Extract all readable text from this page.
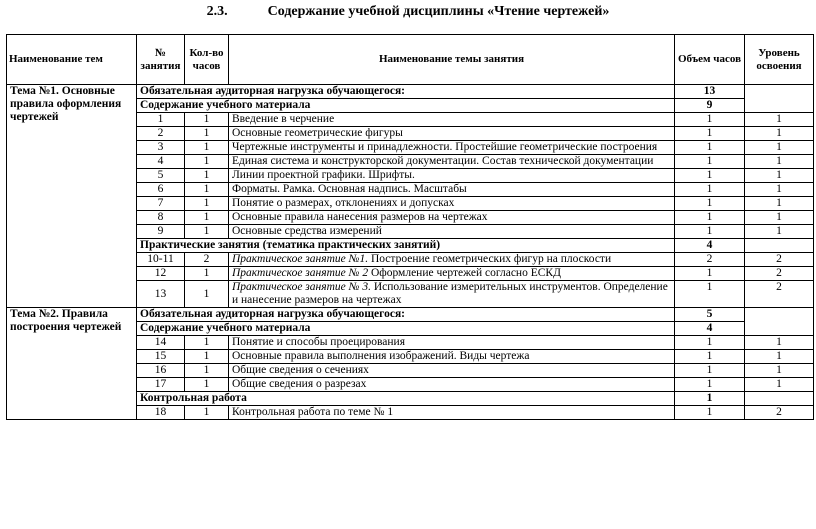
2.3.	Содержание учебной дисциплины «Чтение чертежей»
Наименование тем	№ занятия	Кол-во часов	Наименование темы занятия	Объем часов	Уровень освоения
Тема №1. Основные правила оформления чертежей	Обязательная аудиторная нагрузка обучающегося:			13	
	Содержание учебного материала			9	
	1	1	Введение в черчение	1	1
	2	1	Основные геометрические фигуры	1	1
	3	1	Чертежные инструменты и принадлежности. Простейшие геометрические построения	1	1
	4	1	Единая система и конструкторской документации. Состав технической документации	1	1
	5	1	Линии проектной графики. Шрифты.	1	1
	6	1	Форматы. Рамка. Основная надпись. Масштабы	1	1
	7	1	Понятие о размерах, отклонениях и допусках	1	1
	8	1	Основные правила нанесения размеров на чертежах	1	1
	9	1	Основные средства измерений	1	1
	Практические занятия (тематика практических занятий)			4	
	10-11	2	Практическое занятие №1. Построение геометрических фигур на плоскости	2	2
	12	1	Практическое занятие № 2 Оформление чертежей согласно ЕСКД	1	2
	13	1	Практическое занятие № 3. Использование измерительных инструментов. Определение и нанесение размеров на чертежах	1	2
Тема №2. Правила построения чертежей	Обязательная аудиторная нагрузка обучающегося:			5	
	Содержание учебного материала			4	
	14	1	Понятие и способы проецирования	1	1
	15	1	Основные правила выполнения изображений. Виды чертежа	1	1
	16	1	Общие сведения о сечениях	1	1
	17	1	Общие сведения о разрезах	1	1
	Контрольная работа			1	
	18	1	Контрольная работа по теме № 1	1	2
